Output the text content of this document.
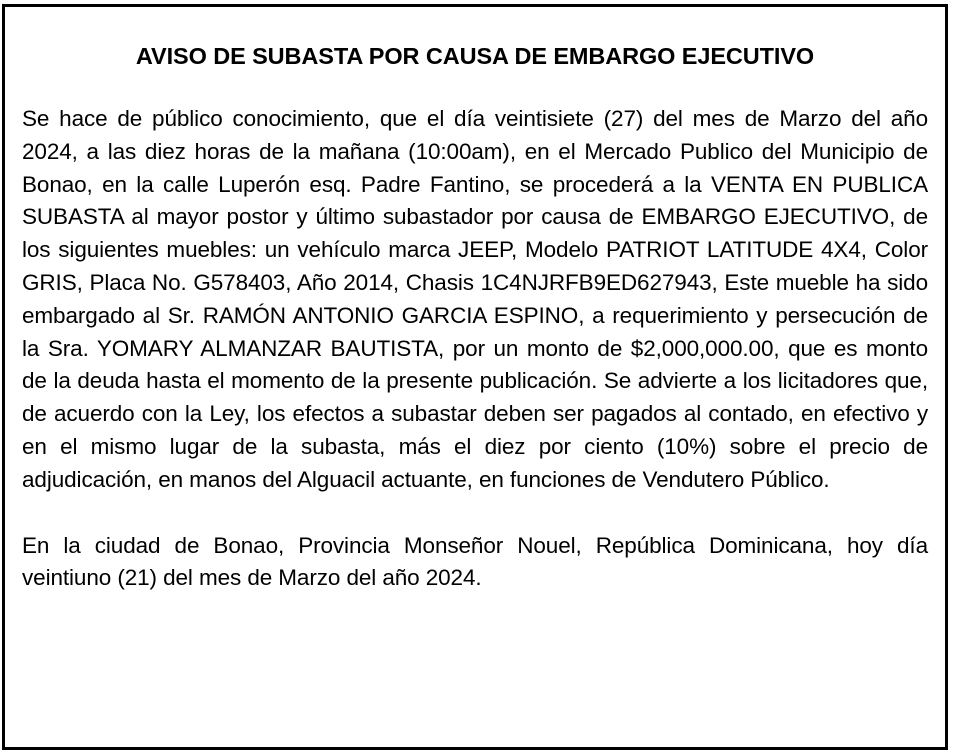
AVISO DE SUBASTA POR CAUSA DE EMBARGO EJECUTIVO

Se hace de público conocimiento, que el día veintisiete (27) del mes de Marzo del año 2024, a las diez horas de la mañana (10:00am), en el Mercado Publico del Municipio de Bonao, en la calle Luperón esq. Padre Fantino, se procederá a la VENTA EN PUBLICA SUBASTA al mayor postor y último subastador por causa de EMBARGO EJECUTIVO, de los siguientes muebles: un vehículo marca JEEP, Modelo PATRIOT LATITUDE 4X4, Color GRIS, Placa No. G578403, Año 2014, Chasis 1C4NJRFB9ED627943, Este mueble ha sido embargado al Sr. RAMÓN ANTONIO GARCIA ESPINO, a requerimiento y persecución de la Sra. YOMARY ALMANZAR BAUTISTA, por un monto de $2,000,000.00, que es monto de la deuda hasta el momento de la presente publicación. Se advierte a los licitadores que, de acuerdo con la Ley, los efectos a subastar deben ser pagados al contado, en efectivo y en el mismo lugar de la subasta, más el diez por ciento (10%) sobre el precio de adjudicación, en manos del Alguacil actuante, en funciones de Vendutero Público.

En la ciudad de Bonao, Provincia Monseñor Nouel, República Dominicana, hoy día veintiuno (21) del mes de Marzo del año 2024.
